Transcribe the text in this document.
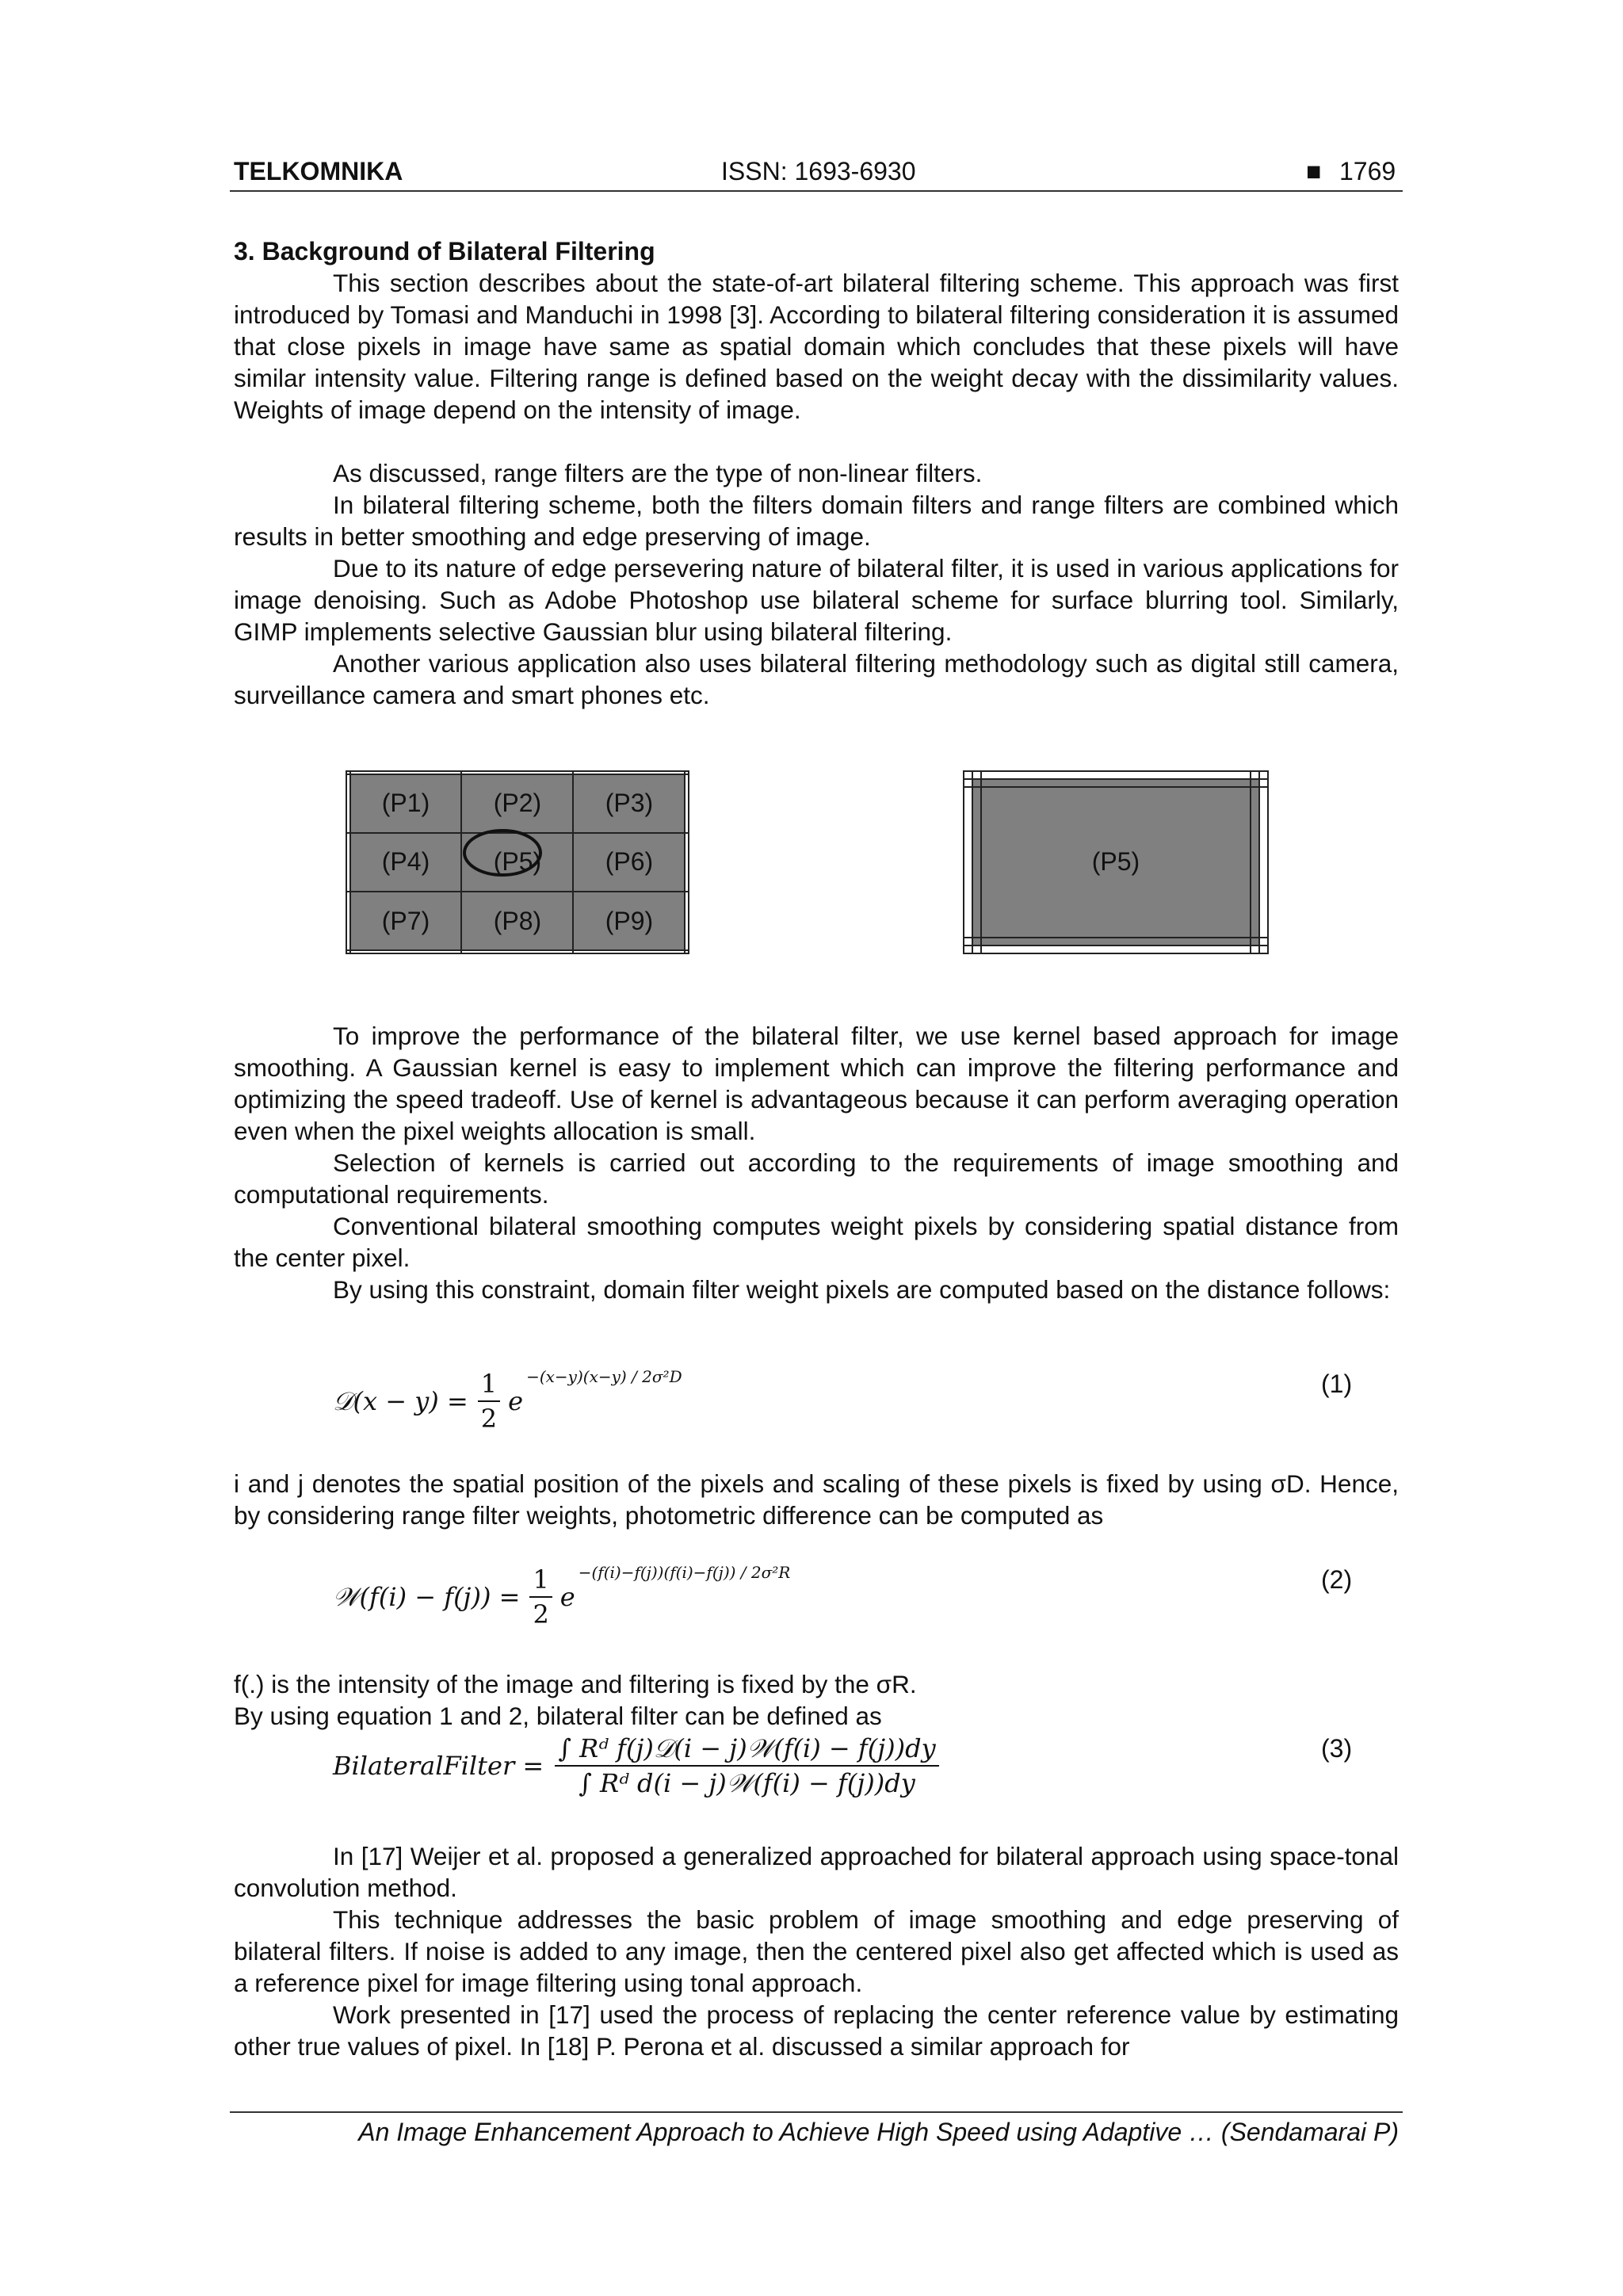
TELKOMNIKA	ISSN: 1693-6930	■ 1769
3. Background of Bilateral Filtering
This section describes about the state-of-art bilateral filtering scheme. This approach was first introduced by Tomasi and Manduchi in 1998 [3]. According to bilateral filtering consideration it is assumed that close pixels in image have same as spatial domain which concludes that these pixels will have similar intensity value. Filtering range is defined based on the weight decay with the dissimilarity values. Weights of image depend on the intensity of image.
As discussed, range filters are the type of non-linear filters.
In bilateral filtering scheme, both the filters domain filters and range filters are combined which results in better smoothing and edge preserving of image.
Due to its nature of edge persevering nature of bilateral filter, it is used in various applications for image denoising. Such as Adobe Photoshop use bilateral scheme for surface blurring tool. Similarly, GIMP implements selective Gaussian blur using bilateral filtering.
Another various application also uses bilateral filtering methodology such as digital still camera, surveillance camera and smart phones etc.

	(P1)	(P2)	(P3)	
	(P4)	(P5)	(P6)	
	(P7)	(P8)	(P9)	

		(P5)		

To improve the performance of the bilateral filter, we use kernel based approach for image smoothing. A Gaussian kernel is easy to implement which can improve the filtering performance and optimizing the speed tradeoff. Use of kernel is advantageous because it can perform averaging operation even when the pixel weights allocation is small.
Selection of kernels is carried out according to the requirements of image smoothing and computational requirements.
Conventional bilateral smoothing computes weight pixels by considering spatial distance from the center pixel.
By using this constraint, domain filter weight pixels are computed based on the distance follows:
𝒟(x − $y) = \frac{1}{2}$ e
−(x−y)(x−y) / 2σ²D	(1)
i and j denotes the spatial position of the pixels and scaling of these pixels is fixed by using σD. Hence, by considering range filter weights, photometric difference can be computed as
𝒲(f(i) − $f(j)) = \frac{1}{2}$ e
−(f(i)−f(j))(f(i)−f(j)) / 2σ²R	(2)
f(.) is the intensity of the image and filtering is fixed by the σR.
By using equation 1 and 2, bilateral filter can be defined as
BilateralFilter = $\frac{\text{∫ Rᵈ f(j)𝒟(i − j)𝒲(f(i) − f(j))dy}}{\text{∫ Rᵈ d(i − j)𝒲(f(i) − f(j))dy}}$	(3)
In [17] Weijer et al. proposed a generalized approached for bilateral approach using space-tonal convolution method.
This technique addresses the basic problem of image smoothing and edge preserving of bilateral filters. If noise is added to any image, then the centered pixel also get affected which is used as a reference pixel for image filtering using tonal approach.
Work presented in [17] used the process of replacing the center reference value by estimating other true values of pixel. In [18] P. Perona et al. discussed a similar approach for
An Image Enhancement Approach to Achieve High Speed using Adaptive … (Sendamarai P)
